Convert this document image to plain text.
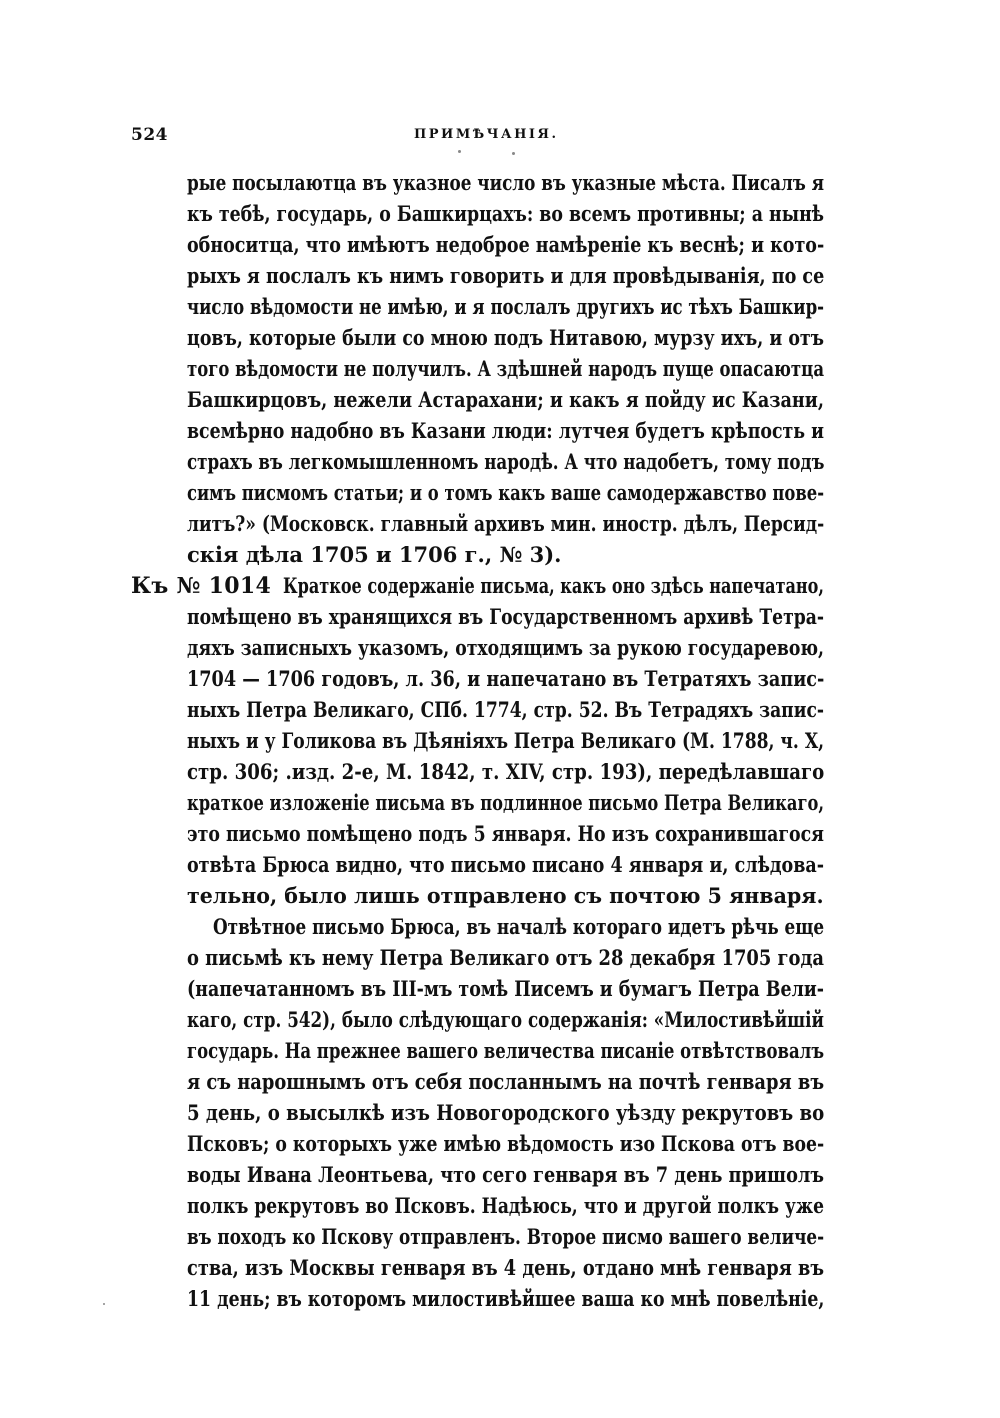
524	ПРИМѢЧАНІЯ.
рые посылаютца въ указное число въ указные мѣста. Писалъ я
къ тебѣ, государь, о Башкирцахъ: во всемъ противны; а нынѣ
обноситца, что имѣютъ недоброе намѣреніе къ веснѣ; и кото-
рыхъ я послалъ къ нимъ говорить и для провѣдыванія, по се
число вѣдомости не имѣю, и я послалъ другихъ ис тѣхъ Башкир-
цовъ, которые были со мною подъ Нитавою, мурзу ихъ, и отъ
того вѣдомости не получилъ. А здѣшней народъ пуще опасаютца
Башкирцовъ, нежели Астарахани; и какъ я пойду ис Казани,
всемѣрно надобно въ Казани люди: лутчея будетъ крѣпость и
страхъ въ легкомышленномъ народѣ. А что надобетъ, тому подъ
симъ писмомъ статьи; и о томъ какъ ваше самодержавство пове-
литъ?» (Московск. главный архивъ мин. иностр. дѣлъ, Персид-
скія дѣла 1705 и 1706 г., № 3).
Къ № 1014 Краткое содержаніе письма, какъ оно здѣсь напечатано,
помѣщено въ хранящихся въ Государственномъ архивѣ Тетра-
дяхъ записныхъ указомъ, отходящимъ за рукою государевою,
1704 — 1706 годовъ, л. 36, и напечатано въ Тетратяхъ запис-
ныхъ Петра Великаго, СПб. 1774, стр. 52. Въ Тетрадяхъ запис-
ныхъ и у Голикова въ Дѣяніяхъ Петра Великаго (М. 1788, ч. X,
стр. 306; .изд. 2-е, М. 1842, т. XIV, стр. 193), передѣлавшаго
краткое изложеніе письма въ подлинное письмо Петра Великаго,
это письмо помѣщено подъ 5 января. Но изъ сохранившагося
отвѣта Брюса видно, что письмо писано 4 января и, слѣдова-
тельно, было лишь отправлено съ почтою 5 января.
Отвѣтное письмо Брюса, въ началѣ котораго идетъ рѣчь еще
о письмѣ къ нему Петра Великаго отъ 28 декабря 1705 года
(напечатанномъ въ III-мъ томѣ Писемъ и бумагъ Петра Вели-
каго, стр. 542), было слѣдующаго содержанія: «Милостивѣйшій
государь. На прежнее вашего величества писаніе отвѣтствовалъ
я съ нарошнымъ отъ себя посланнымъ на почтѣ генваря въ
5 день, о высылкѣ изъ Новогородского уѣзду рекрутовъ во
Псковъ; о которыхъ уже имѣю вѣдомость изо Пскова отъ вое-
воды Ивана Леонтьева, что сего генваря въ 7 день пришолъ
полкъ рекрутовъ во Псковъ. Надѣюсь, что и другой полкъ уже
въ походъ ко Пскову отправленъ. Второе писмо вашего величе-
ства, изъ Москвы генваря въ 4 день, отдано мнѣ генваря въ
11 день; въ которомъ милостивѣйшее ваша ко мнѣ повелѣніе,
